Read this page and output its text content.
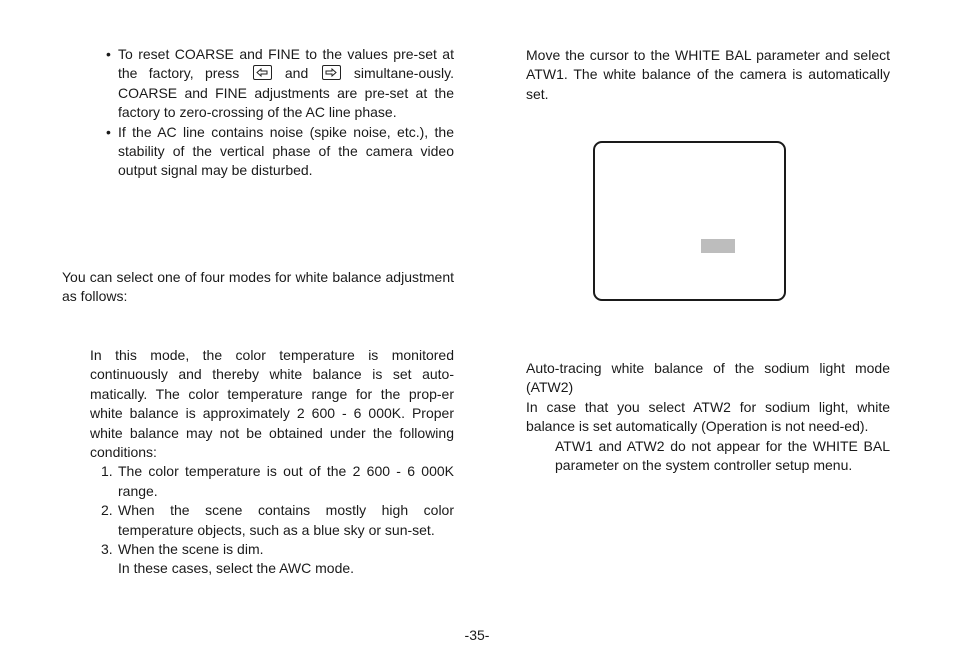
• To reset COARSE and FINE to the values pre-set at the factory, press	and	simultane-ously. COARSE and FINE adjustments are pre-set at the factory to zero-crossing of the AC line phase.

• If the AC line contains noise (spike noise, etc.), the stability of the vertical phase of the camera video output signal may be disturbed.

You can select one of four modes for white balance adjustment as follows:

In this mode, the color temperature is monitored continuously and thereby white balance is set auto-matically. The color temperature range for the prop-er white balance is approximately 2 600 - 6 000K. Proper white balance may not be obtained under the following conditions:

1. The color temperature is out of the 2 600 - 6 000K range.

2. When the scene contains mostly high color temperature objects, such as a blue sky or sun-set.

3. When the scene is dim.

In these cases, select the AWC mode.

Move the cursor to the WHITE BAL parameter and select ATW1. The white balance of the camera is automatically set.

Auto-tracing white balance of the sodium light mode (ATW2)

In case that you select ATW2 for sodium light, white balance is set automatically (Operation is not need-ed).

ATW1 and ATW2 do not appear for the WHITE BAL parameter on the system controller setup menu.

-35-
